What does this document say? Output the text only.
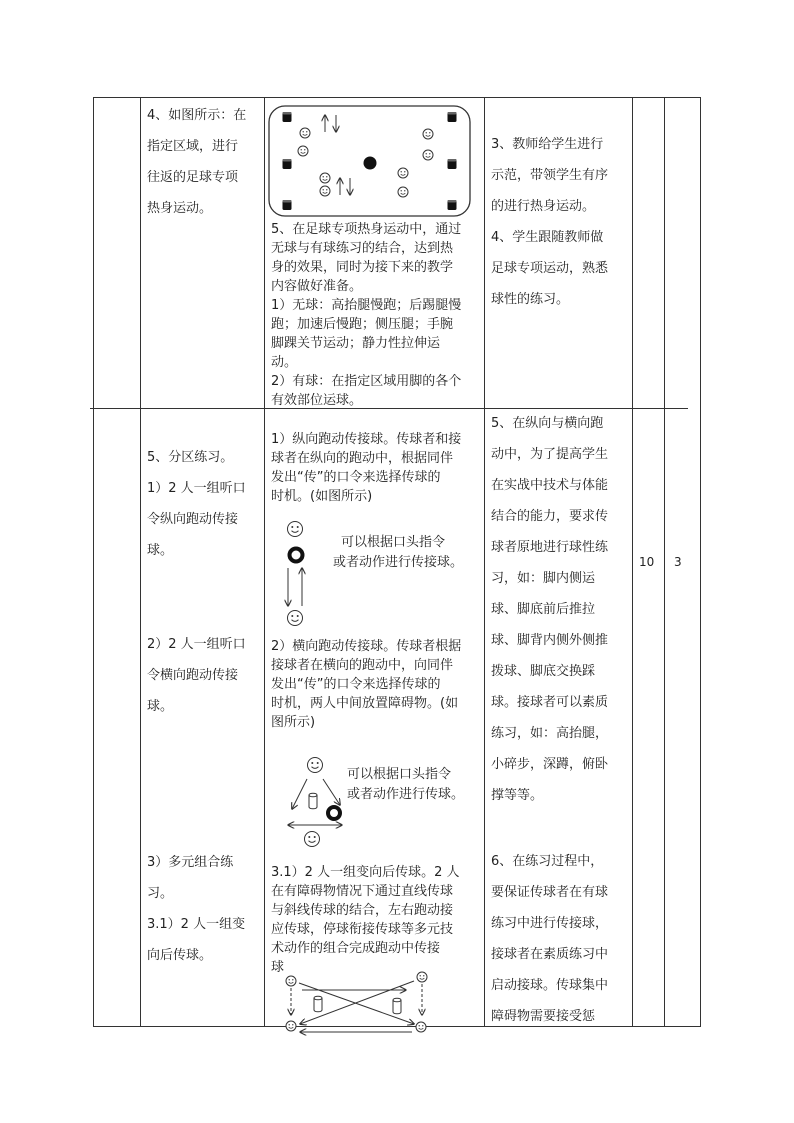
4、如图所示：在
指定区域，进行
往返的足球专项
热身运动。
5、在足球专项热身运动中，通过
无球与有球练习的结合，达到热
身的效果，同时为接下来的教学
内容做好准备。
1）无球：高抬腿慢跑；后踢腿慢
跑；加速后慢跑；侧压腿；手腕
脚踝关节运动；静力性拉伸运
动。
2）有球：在指定区域用脚的各个
有效部位运球。
3、教师给学生进行
示范，带领学生有序
的进行热身运动。
4、学生跟随教师做
足球专项运动，熟悉
球性的练习。
5、分区练习。
1）2 人一组听口
令纵向跑动传接
球。
2）2 人一组听口
令横向跑动传接
球。
3）多元组合练
习。
3.1）2 人一组变
向后传球。
1）纵向跑动传接球。传球者和接
球者在纵向的跑动中，根据同伴
发出“传”的口令来选择传球的
时机。(如图所示)
可以根据口头指令
或者动作进行传接球。
2）横向跑动传接球。传球者根据
接球者在横向的跑动中，向同伴
发出“传”的口令来选择传球的
时机，两人中间放置障碍物。(如
图所示)
可以根据口头指令
或者动作进行传球。
3.1）2 人一组变向后传球。2 人
在有障碍物情况下通过直线传球
与斜线传球的结合，左右跑动接
应传球，停球衔接传球等多元技
术动作的组合完成跑动中传接
球
5、在纵向与横向跑
动中，为了提高学生
在实战中技术与体能
结合的能力，要求传
球者原地进行球性练
习，如：脚内侧运
球、脚底前后推拉
球、脚背内侧外侧推
拨球、脚底交换踩
球。接球者可以素质
练习，如：高抬腿，
小碎步，深蹲，俯卧
撑等等。
6、在练习过程中，
要保证传球者在有球
练习中进行传接球，
接球者在素质练习中
启动接球。传球集中
障碍物需要接受惩
10 3
